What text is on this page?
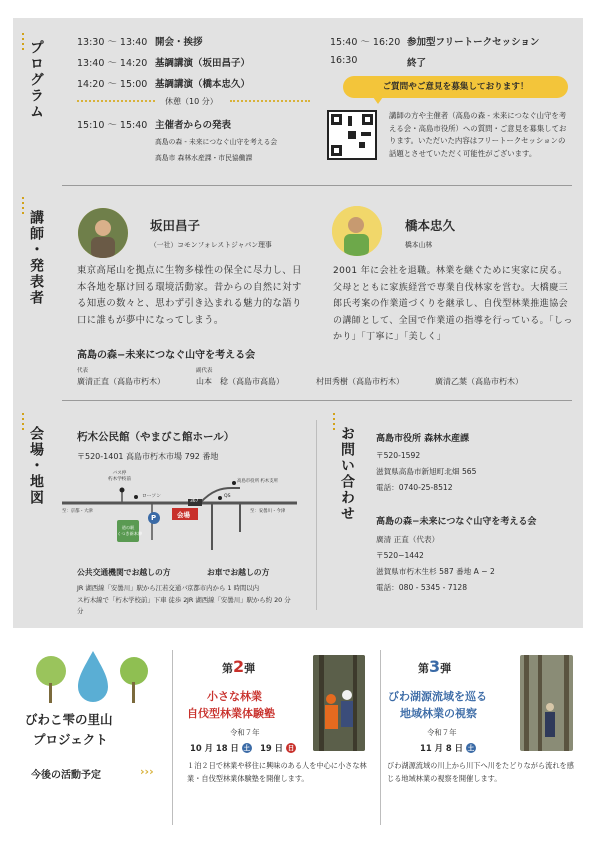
プログラム	13:30 〜 13:40 開会・挨拶
13:40 〜 14:20 基調講演（坂田昌子）
14:20 〜 15:00 基調講演（橋本忠久）
休憩（10 分）
15:10 〜 15:40 主催者からの発表
高島の森 - 未来につなぐ山守を考える会
高島市 森林水産課・市民協働課
15:40 〜 16:20 参加型フリートークセッション
16:30	終了
ご質問やご意見を募集しております！
講師の方や主催者（高島の森 - 未来につなぐ山守を考える会・高島市役所）への質問・ご意見を募集しております。いただいた内容はフリートークセッションの話題とさせていただく可能性がございます。
講師・発表者	坂田昌子
（一社）コモンフォレストジャパン理事
東京高尾山を拠点に生物多様性の保全に尽力し、日本各地を駆け回る環境活動家。昔からの自然に対する知恵の数々と、思わず引き込まれる魅力的な語り口に誰もが夢中になってしまう。
橋本忠久
橋本山林
2001 年に会社を退職。林業を継ぐために実家に戻る。父母とともに家族経営で専業自伐林家を営む。大橋慶三郎氏考案の作業道づくりを継承し、自伐型林業推進協会の講師として、全国で作業道の指導を行っている。「しっかり」「丁寧に」「美しく」
高島の森−未来につなぐ山守を考える会
代表
廣清正直（高島市朽木）
副代表
山本　稔（高島市高島）	村田秀樹（高島市朽木）	廣清乙葉（高島市朽木）
会場・地図	朽木公民館（やまびこ館ホール）
〒520-1401 高島市朽木市場 792 番地
バス停
朽木学校前
ローソン
至：京都・大津
367
QS
高島市役所 朽木支所
道の駅
くつき新本陣
P	会場	至：安曇川・今津
公共交通機関でお越しの方
JR 湖西線「安曇川」駅から江若交通バス朽木線で「朽木学校前」下車 徒歩 2 分
お車でお越しの方
京都市内から 1 時間以内
JR 湖西線「安曇川」駅から約 20 分
お問い合わせ 高島市役所 森林水産課
〒520-1592
滋賀県高島市新旭町北畑 565
電話：0740-25-8512
高島の森−未来につなぐ山守を考える会
廣清 正直（代表）
〒520−1442
滋賀県市朽木生杉 587 番地 A − 2
電話：080 - 5345 - 7128
びわこ雫の里山
プロジェクト
今後の活動予定	›››
第2弾
小さな林業
自伐型林業体験塾
令和７年
10 月 18 日 土　 19 日 日
１泊２日で林業や移住に興味のある人を中心に小さな林業・自伐型林業体験塾を開催します。
第3弾
びわ湖源流域を巡る
地域林業の視察
令和７年
11 月 8 日 土
びわ湖源流域の川上から川下へ川をたどりながら流れを感じる地域林業の視察を開催します。
